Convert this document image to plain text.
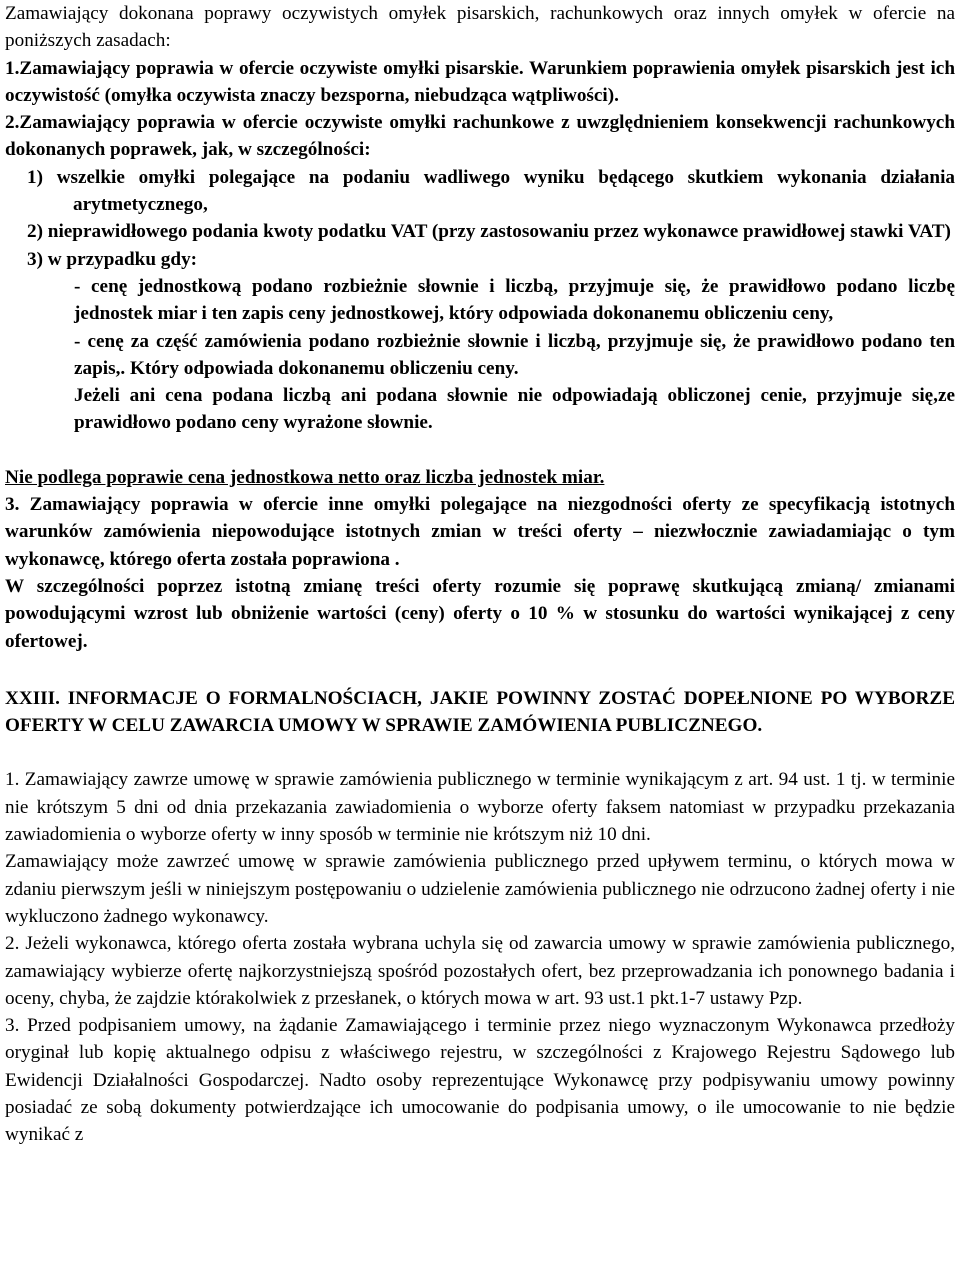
Zamawiający dokonana poprawy oczywistych omyłek pisarskich, rachunkowych oraz innych omyłek w ofercie na poniższych zasadach:

1.Zamawiający poprawia w ofercie oczywiste omyłki pisarskie. Warunkiem poprawienia omyłek pisarskich jest ich oczywistość (omyłka oczywista znaczy bezsporna, niebudząca wątpliwości).

2.Zamawiający poprawia w ofercie oczywiste omyłki rachunkowe z uwzględnieniem konsekwencji rachunkowych dokonanych poprawek, jak, w szczególności:

1) wszelkie omyłki polegające na podaniu wadliwego wyniku będącego skutkiem wykonania działania arytmetycznego,

2) nieprawidłowego podania kwoty podatku VAT (przy zastosowaniu przez wykonawce prawidłowej stawki VAT)

3) w przypadku gdy:

- cenę jednostkową podano rozbieżnie słownie i liczbą, przyjmuje się, że prawidłowo podano liczbę jednostek miar i ten zapis ceny jednostkowej, który odpowiada dokonanemu obliczeniu ceny,

- cenę za część zamówienia podano rozbieżnie słownie i liczbą, przyjmuje się, że prawidłowo podano ten zapis,. Który odpowiada dokonanemu obliczeniu ceny.

Jeżeli ani cena podana liczbą ani podana słownie nie odpowiadają obliczonej cenie, przyjmuje się,ze prawidłowo podano ceny wyrażone słownie.

Nie podlega poprawie cena jednostkowa netto oraz liczba jednostek miar.

3. Zamawiający poprawia w ofercie inne omyłki polegające na niezgodności oferty ze specyfikacją istotnych warunków zamówienia niepowodujące istotnych zmian w treści oferty – niezwłocznie zawiadamiając o tym wykonawcę, którego oferta została poprawiona .

W szczególności poprzez istotną zmianę treści oferty rozumie się poprawę skutkującą zmianą/ zmianami powodującymi wzrost lub obniżenie wartości (ceny) oferty o 10 % w stosunku do wartości wynikającej z ceny ofertowej.

XXIII. INFORMACJE O FORMALNOŚCIACH, JAKIE POWINNY ZOSTAĆ DOPEŁNIONE PO WYBORZE OFERTY W CELU ZAWARCIA UMOWY W SPRAWIE ZAMÓWIENIA PUBLICZNEGO.

1. Zamawiający zawrze umowę w sprawie zamówienia publicznego w terminie wynikającym z art. 94 ust. 1 tj. w terminie nie krótszym 5 dni od dnia przekazania zawiadomienia o wyborze oferty faksem natomiast w przypadku przekazania zawiadomienia o wyborze oferty w inny sposób w terminie nie krótszym niż 10 dni.

Zamawiający może zawrzeć umowę w sprawie zamówienia publicznego przed upływem terminu, o których mowa w zdaniu pierwszym jeśli w niniejszym postępowaniu o udzielenie zamówienia publicznego nie odrzucono żadnej oferty i nie wykluczono żadnego wykonawcy.

2. Jeżeli wykonawca, którego oferta została wybrana uchyla się od zawarcia umowy w sprawie zamówienia publicznego, zamawiający wybierze ofertę najkorzystniejszą spośród pozostałych ofert, bez przeprowadzania ich ponownego badania i oceny, chyba, że zajdzie którakolwiek z przesłanek, o których mowa w art. 93 ust.1 pkt.1-7 ustawy Pzp.

3. Przed podpisaniem umowy, na żądanie Zamawiającego i terminie przez niego wyznaczonym Wykonawca przedłoży oryginał lub kopię aktualnego odpisu z właściwego rejestru, w szczególności z Krajowego Rejestru Sądowego lub Ewidencji Działalności Gospodarczej. Nadto osoby reprezentujące Wykonawcę przy podpisywaniu umowy powinny posiadać ze sobą dokumenty potwierdzające ich umocowanie do podpisania umowy, o ile umocowanie to nie będzie wynikać z
